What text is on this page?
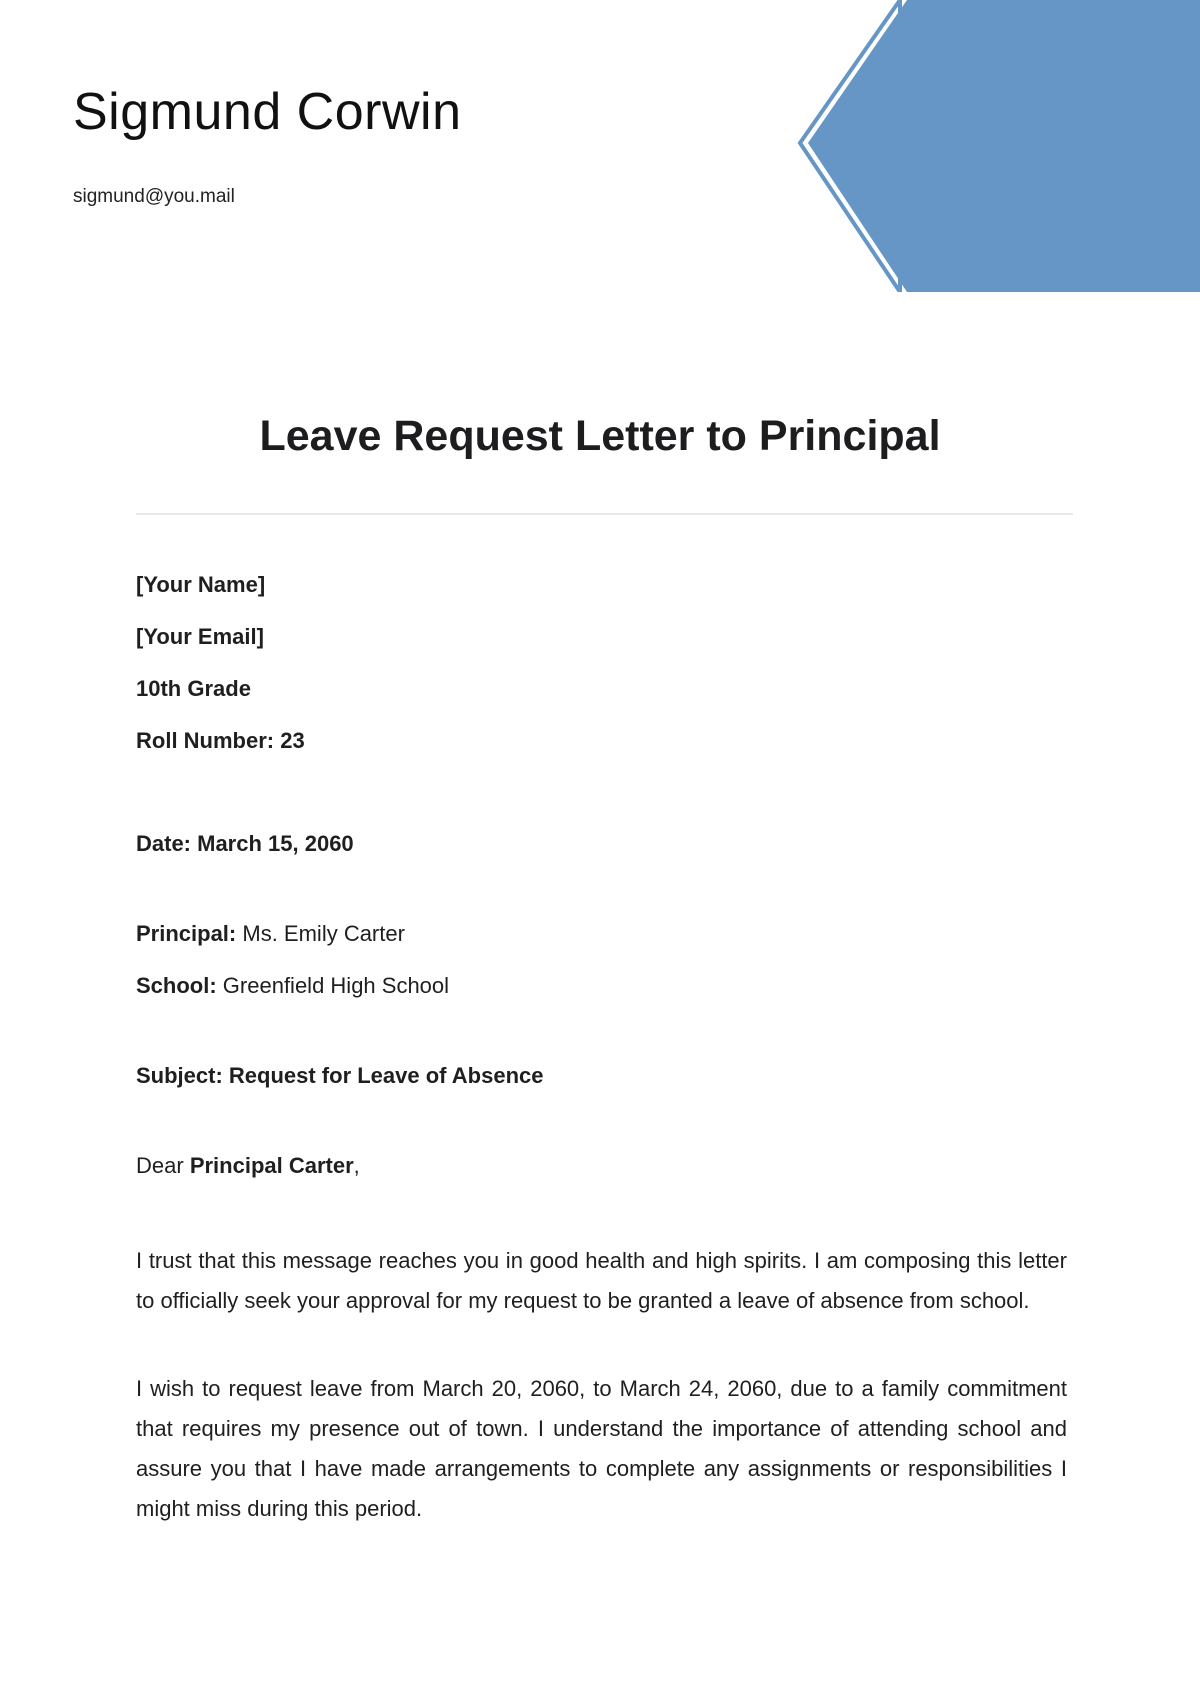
Sigmund Corwin
sigmund@you.mail
Leave Request Letter to Principal
[Your Name]
[Your Email]
10th Grade
Roll Number: 23
Date: March 15, 2060
Principal: Ms. Emily Carter
School: Greenfield High School
Subject: Request for Leave of Absence
Dear Principal Carter,

I trust that this message reaches you in good health and high spirits. I am composing this letter to officially seek your approval for my request to be granted a leave of absence from school.

I wish to request leave from March 20, 2060, to March 24, 2060, due to a family commitment that requires my presence out of town. I understand the importance of attending school and assure you that I have made arrangements to complete any assignments or responsibilities I might miss during this period.
